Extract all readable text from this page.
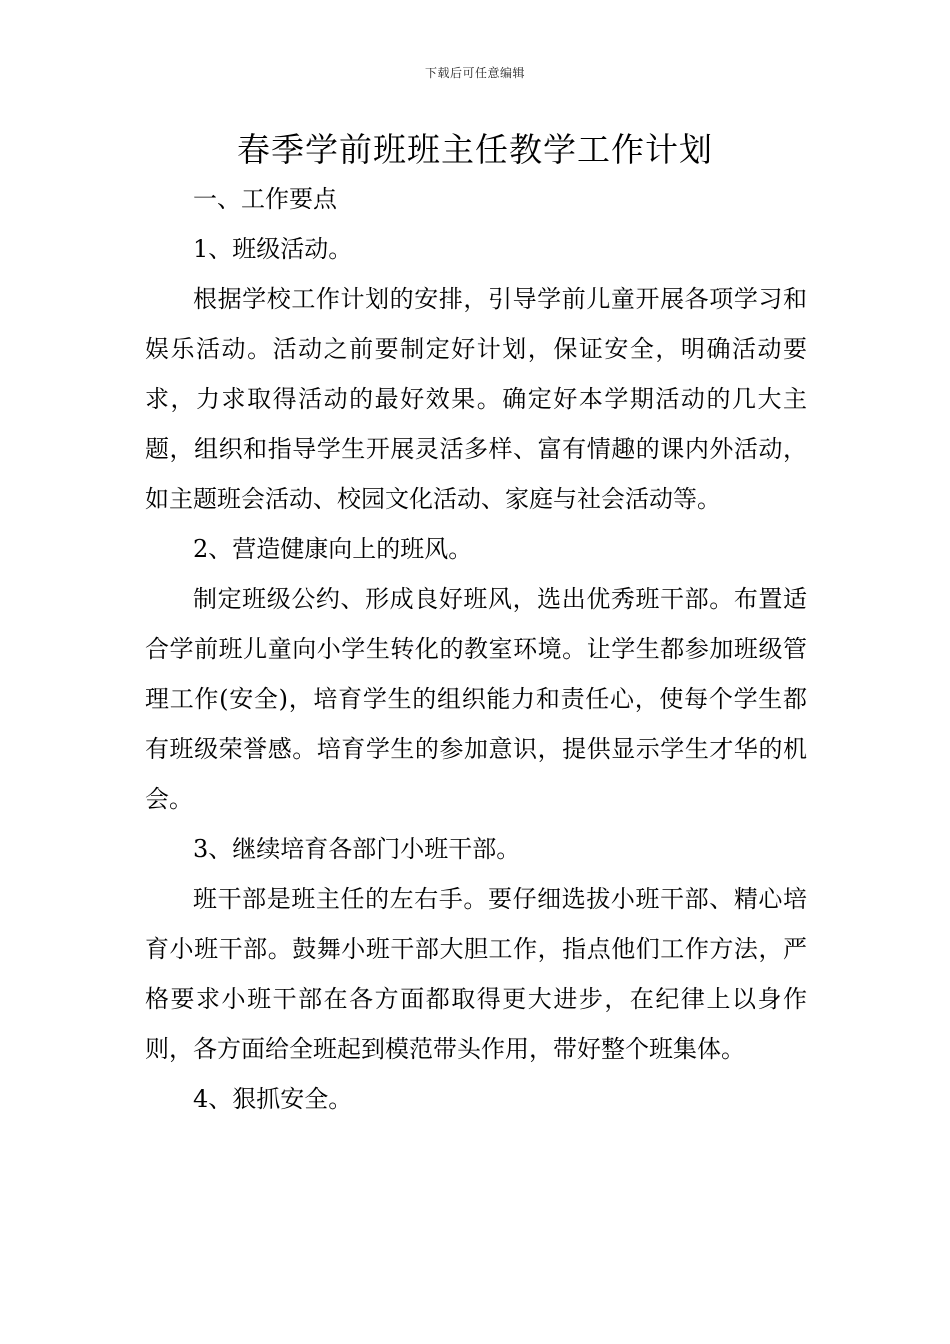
下载后可任意编辑
春季学前班班主任教学工作计划

一、工作要点

1、班级活动。

根据学校工作计划的安排，引导学前儿童开展各项学习和娱乐活动。活动之前要制定好计划，保证安全，明确活动要求，力求取得活动的最好效果。确定好本学期活动的几大主题，组织和指导学生开展灵活多样、富有情趣的课内外活动，如主题班会活动、校园文化活动、家庭与社会活动等。

2、营造健康向上的班风。

制定班级公约、形成良好班风，选出优秀班干部。布置适合学前班儿童向小学生转化的教室环境。让学生都参加班级管理工作(安全)，培育学生的组织能力和责任心，使每个学生都有班级荣誉感。培育学生的参加意识，提供显示学生才华的机会。

3、继续培育各部门小班干部。

班干部是班主任的左右手。要仔细选拔小班干部、精心培育小班干部。鼓舞小班干部大胆工作，指点他们工作方法，严格要求小班干部在各方面都取得更大进步，在纪律上以身作则，各方面给全班起到模范带头作用，带好整个班集体。

4、狠抓安全。
